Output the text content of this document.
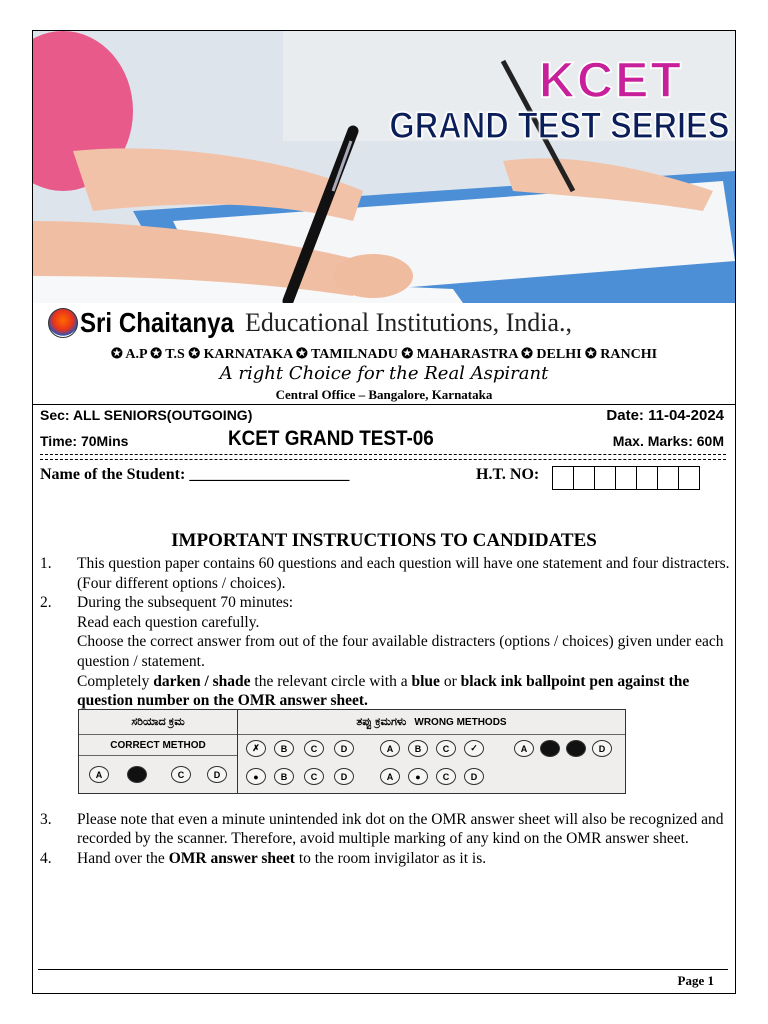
KCET
GRAND TEST SERIES
Sri Chaitanya Educational Institutions, India.,
✪ A.P ✪ T.S ✪ KARNATAKA ✪ TAMILNADU ✪ MAHARASTRA ✪ DELHI ✪ RANCHI
A right Choice for the Real Aspirant
Central Office – Bangalore, Karnataka
Sec: ALL SENIORS(OUTGOING)	Date: 11-04-2024
Time: 70Mins	KCET GRAND TEST-06	Max. Marks: 60M
Name of the Student: ____________________	H.T. NO:
IMPORTANT INSTRUCTIONS TO CANDIDATES
1.	This question paper contains 60 questions and each question will have one statement and four distracters. (Four different options / choices).
2.	During the subsequent 70 minutes:
Read each question carefully.
Choose the correct answer from out of the four available distracters (options / choices) given under each question / statement.
Completely darken / shade the relevant circle with a blue or black ink ballpoint pen against the question number on the OMR answer sheet.
3.	Please note that even a minute unintended ink dot on the OMR answer sheet will also be recognized and recorded by the scanner. Therefore, avoid multiple marking of any kind on the OMR answer sheet.
4.	Hand over the OMR answer sheet to the room invigilator as it is.
ಸರಿಯಾದ ಕ್ರಮ
CORRECT METHOD
A	C	D
ತಪ್ಪು ಕ್ರಮಗಳು WRONG METHODS
✗	B	C	D	A	B	C	✓	A	D
●	B	C	D	A	●	C	D
Page 1
